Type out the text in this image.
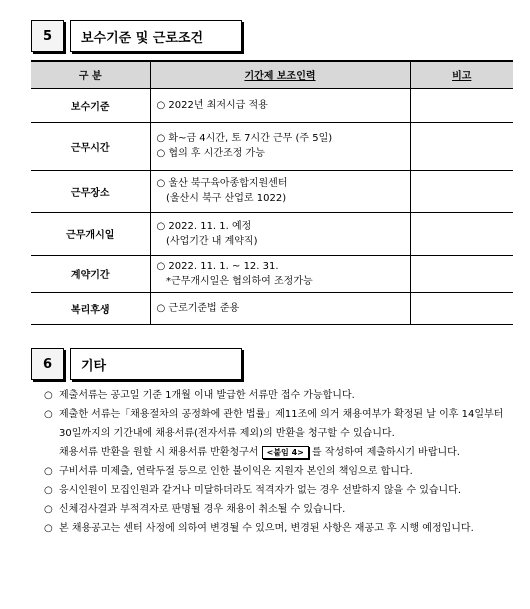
5	보수기준 및 근로조건
구 분	기간제 보조인력	비고
보수기준	○ 2022년 최저시급 적용	

근무시간	○ 화~금 4시간, 토 7시간 근무 (주 5일)
○ 협의 후 시간조정 가능	

근무장소	○ 울산 북구육아종합지원센터
(울산시 북구 산업로 1022)	

근무개시일	○ 2022. 11. 1. 예정
(사업기간 내 계약직)	

계약기간	○ 2022. 11. 1. ~ 12. 31.
*근무개시일은 협의하여 조정가능	

복리후생	○ 근로기준법 준용	

6	기타
○ 제출서류는 공고일 기준 1개월 이내 발급한 서류만 접수 가능합니다.
○ 제출한 서류는「채용절차의 공정화에 관한 법률」제11조에 의거 채용여부가 확정된 날 이후 14일부터 30일까지의 기간내에 채용서류(전자서류 제외)의 반환을 청구할 수 있습니다.
채용서류 반환을 원할 시 채용서류 반환청구서 <붙임 4> 를 작성하여 제출하시기 바랍니다.
○ 구비서류 미제출, 연락두절 등으로 인한 불이익은 지원자 본인의 책임으로 합니다.
○ 응시인원이 모집인원과 같거나 미달하더라도 적격자가 없는 경우 선발하지 않을 수 있습니다.
○ 신체검사결과 부적격자로 판명될 경우 채용이 취소될 수 있습니다.
○ 본 채용공고는 센터 사정에 의하여 변경될 수 있으며, 변경된 사항은 재공고 후 시행 예정입니다.
